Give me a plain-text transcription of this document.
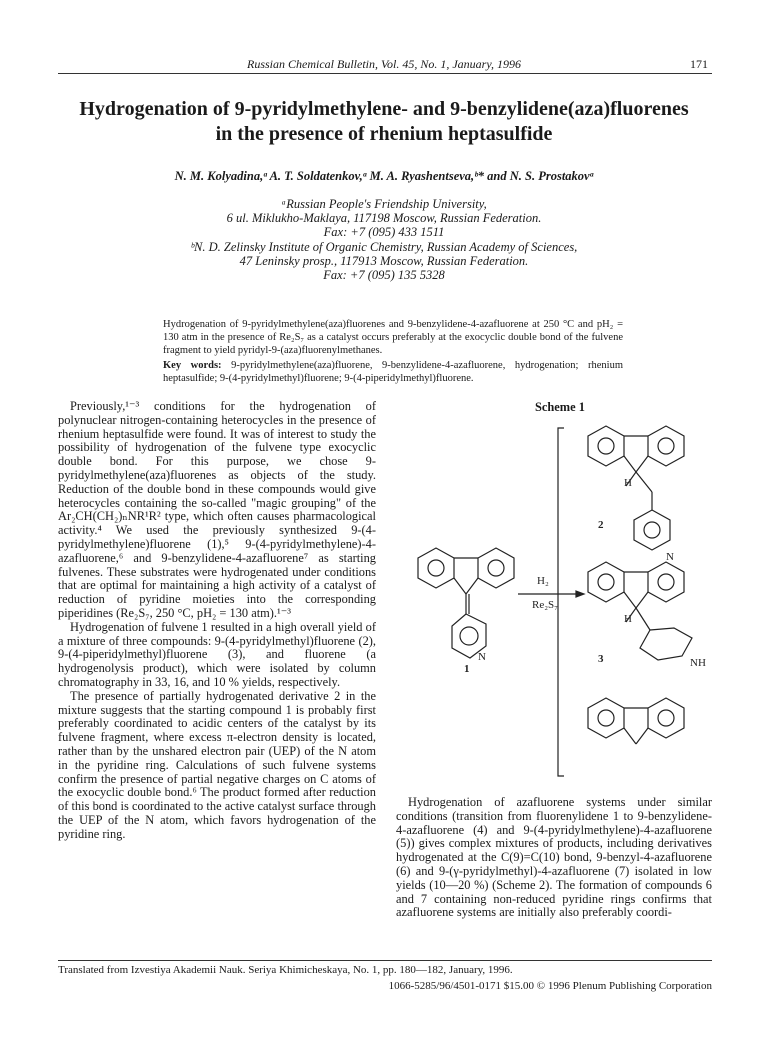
Russian Chemical Bulletin, Vol. 45, No. 1, January, 1996	171
Hydrogenation of 9-pyridylmethylene- and 9-benzylidene(aza)fluorenes
in the presence of rhenium heptasulfide
N. M. Kolyadina,ᵃ A. T. Soldatenkov,ᵃ M. A. Ryashentseva,ᵇ* and N. S. Prostakovᵃ
ᵃRussian People's Friendship University,
6 ul. Miklukho-Maklaya, 117198 Moscow, Russian Federation.
Fax: +7 (095) 433 1511
ᵇN. D. Zelinsky Institute of Organic Chemistry, Russian Academy of Sciences,
47 Leninsky prosp., 117913 Moscow, Russian Federation.
Fax: +7 (095) 135 5328
Hydrogenation of 9-pyridylmethylene(aza)fluorenes and 9-benzylidene-4-azafluorene at 250 °C and pH₂ = 130 atm in the presence of Re₂S₇ as a catalyst occurs preferably at the exocyclic double bond of the fulvene fragment to yield pyridyl-9-(aza)fluorenylmethanes.
Key words: 9-pyridylmethylene(aza)fluorene, 9-benzylidene-4-azafluorene, hydrogenation; rhenium heptasulfide; 9-(4-pyridylmethyl)fluorene; 9-(4-piperidylmethyl)fluorene.

Previously,¹⁻³ conditions for the hydrogenation of polynuclear nitrogen-containing heterocycles in the presence of rhenium heptasulfide were found. It was of interest to study the possibility of hydrogenation of the fulvene type exocyclic double bond. For this purpose, we chose 9-pyridylmethylene(aza)fluorenes as objects of the study. Reduction of the double bond in these compounds would give heterocycles containing the so-called "magic grouping" of the Ar₂CH(CH₂)ₙNR¹R² type, which often causes pharmacological activity.⁴ We used the previously synthesized 9-(4-pyridylmethylene)fluorene (1),⁵ 9-(4-pyridylmethylene)-4-azafluorene,⁶ and 9-benzylidene-4-azafluorene⁷ as starting fulvenes. These substrates were hydrogenated under conditions that are optimal for maintaining a high activity of a catalyst of reduction of pyridine moieties into the corresponding piperidines (Re₂S₇, 250 °C, pH₂ = 130 atm).¹⁻³

Hydrogenation of fulvene 1 resulted in a high overall yield of a mixture of three compounds: 9-(4-pyridylmethyl)fluorene (2), 9-(4-piperidylmethyl)fluorene (3), and fluorene (a hydrogenolysis product), which were isolated by column chromatography in 33, 16, and 10 % yields, respectively.

The presence of partially hydrogenated derivative 2 in the mixture suggests that the starting compound 1 is probably first preferably coordinated to acidic centers of the catalyst by its fulvene fragment, where excess π-electron density is located, rather than by the unshared electron pair (UEP) of the N atom in the pyridine ring. Calculations of such fulvene systems confirm the presence of partial negative charges on C atoms of the exocyclic double bond.⁶ The product formed after reduction of this bond is coordinated to the active catalyst surface through the UEP of the N atom, which favors hydrogenation of the pyridine ring.

Scheme 1
H₂
Re₂S₇
1
N
2
H
N
3
H
NH

Hydrogenation of azafluorene systems under similar conditions (transition from fluorenylidene 1 to 9-benzylidene-4-azafluorene (4) and 9-(4-pyridylmethylene)-4-azafluorene (5)) gives complex mixtures of products, including derivatives hydrogenated at the C(9)=C(10) bond, 9-benzyl-4-azafluorene (6) and 9-(γ-pyridylmethyl)-4-azafluorene (7) isolated in low yields (10—20 %) (Scheme 2). The formation of compounds 6 and 7 containing non-reduced pyridine rings confirms that azafluorene systems are initially also preferably coordi-

Translated from Izvestiya Akademii Nauk. Seriya Khimicheskaya, No. 1, pp. 180—182, January, 1996.
1066-5285/96/4501-0171 $15.00 © 1996 Plenum Publishing Corporation
